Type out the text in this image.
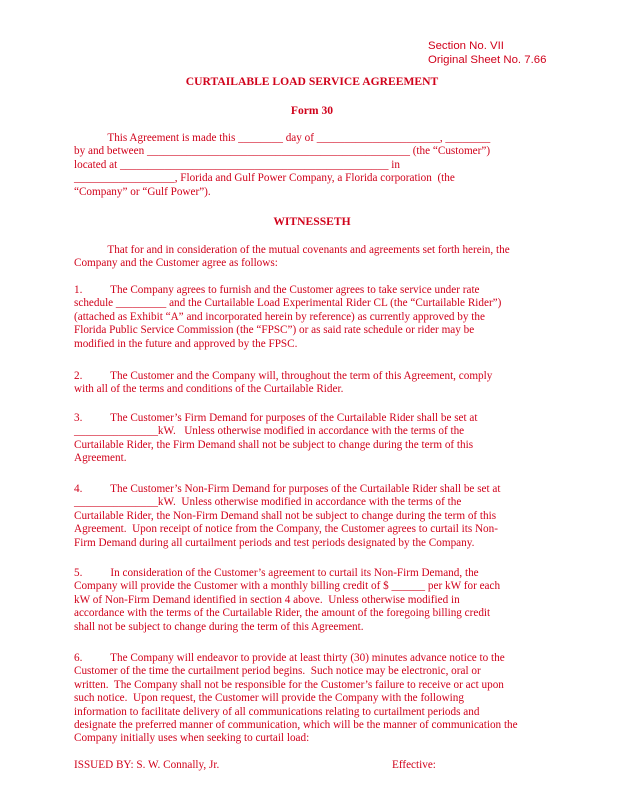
Section No. VII
Original Sheet No. 7.66
CURTAILABLE LOAD SERVICE AGREEMENT
Form 30
This Agreement is made this ________ day of ______________________, ________
by and between _______________________________________________ (the “Customer”)
located at ________________________________________________ in
__________________, Florida and Gulf Power Company, a Florida corporation  (the
“Company” or “Gulf Power”).
WITNESSETH
That for and in consideration of the mutual covenants and agreements set forth herein, the
Company and the Customer agree as follows:
1.          The Company agrees to furnish and the Customer agrees to take service under rate
schedule _________ and the Curtailable Load Experimental Rider CL (the “Curtailable Rider”)
(attached as Exhibit “A” and incorporated herein by reference) as currently approved by the
Florida Public Service Commission (the “FPSC”) or as said rate schedule or rider may be
modified in the future and approved by the FPSC.
2.          The Customer and the Company will, throughout the term of this Agreement, comply
with all of the terms and conditions of the Curtailable Rider.
3.          The Customer’s Firm Demand for purposes of the Curtailable Rider shall be set at
_______________kW.   Unless otherwise modified in accordance with the terms of the
Curtailable Rider, the Firm Demand shall not be subject to change during the term of this
Agreement.
4.          The Customer’s Non-Firm Demand for purposes of the Curtailable Rider shall be set at
_______________kW.  Unless otherwise modified in accordance with the terms of the
Curtailable Rider, the Non-Firm Demand shall not be subject to change during the term of this
Agreement.  Upon receipt of notice from the Company, the Customer agrees to curtail its Non-
Firm Demand during all curtailment periods and test periods designated by the Company.
5.          In consideration of the Customer’s agreement to curtail its Non-Firm Demand, the
Company will provide the Customer with a monthly billing credit of $ ______ per kW for each
kW of Non-Firm Demand identified in section 4 above.  Unless otherwise modified in
accordance with the terms of the Curtailable Rider, the amount of the foregoing billing credit
shall not be subject to change during the term of this Agreement.
6.          The Company will endeavor to provide at least thirty (30) minutes advance notice to the
Customer of the time the curtailment period begins.  Such notice may be electronic, oral or
written.  The Company shall not be responsible for the Customer’s failure to receive or act upon
such notice.  Upon request, the Customer will provide the Company with the following
information to facilitate delivery of all communications relating to curtailment periods and
designate the preferred manner of communication, which will be the manner of communication the
Company initially uses when seeking to curtail load:
ISSUED BY: S. W. Connally, Jr.	Effective:
